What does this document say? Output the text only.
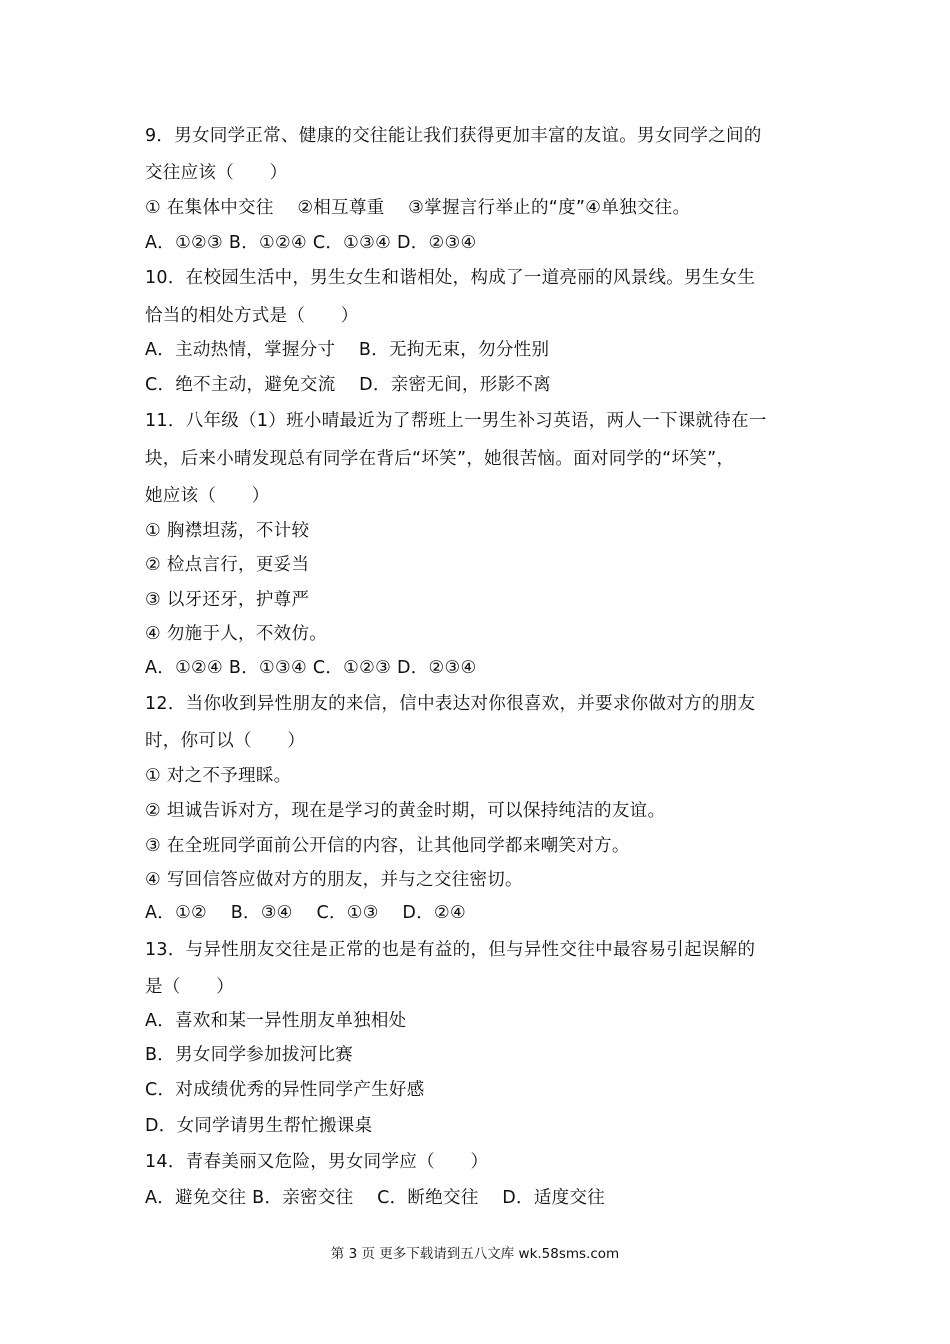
9．男女同学正常、健康的交往能让我们获得更加丰富的友谊。男女同学之间的
交往应该（　　）
① 在集体中交往　 ②相互尊重　 ③掌握言行举止的“度”④单独交往。
A．①②③ B．①②④ C．①③④ D．②③④
10．在校园生活中，男生女生和谐相处，构成了一道亮丽的风景线。男生女生
恰当的相处方式是（　　）
A．主动热情，掌握分寸　 B．无拘无束，勿分性别
C．绝不主动，避免交流　 D．亲密无间，形影不离
11．八年级（1）班小晴最近为了帮班上一男生补习英语，两人一下课就待在一
块，后来小晴发现总有同学在背后“坏笑”，她很苦恼。面对同学的“坏笑”，
她应该（　　）
① 胸襟坦荡，不计较
② 检点言行，更妥当
③ 以牙还牙，护尊严
④ 勿施于人，不效仿。
A．①②④ B．①③④ C．①②③ D．②③④
12．当你收到异性朋友的来信，信中表达对你很喜欢，并要求你做对方的朋友
时，你可以（　　）
① 对之不予理睬。
② 坦诚告诉对方，现在是学习的黄金时期，可以保持纯洁的友谊。
③ 在全班同学面前公开信的内容，让其他同学都来嘲笑对方。
④ 写回信答应做对方的朋友，并与之交往密切。
A．①②　 B．③④　 C．①③　 D．②④
13．与异性朋友交往是正常的也是有益的，但与异性交往中最容易引起误解的
是（　　）
A．喜欢和某一异性朋友单独相处
B．男女同学参加拔河比赛
C．对成绩优秀的异性同学产生好感
D．女同学请男生帮忙搬课桌
14．青春美丽又危险，男女同学应（　　）
A．避免交往 B．亲密交往　 C．断绝交往　 D．适度交往
第 3 页 更多下载请到五八文库 wk.58sms.com
